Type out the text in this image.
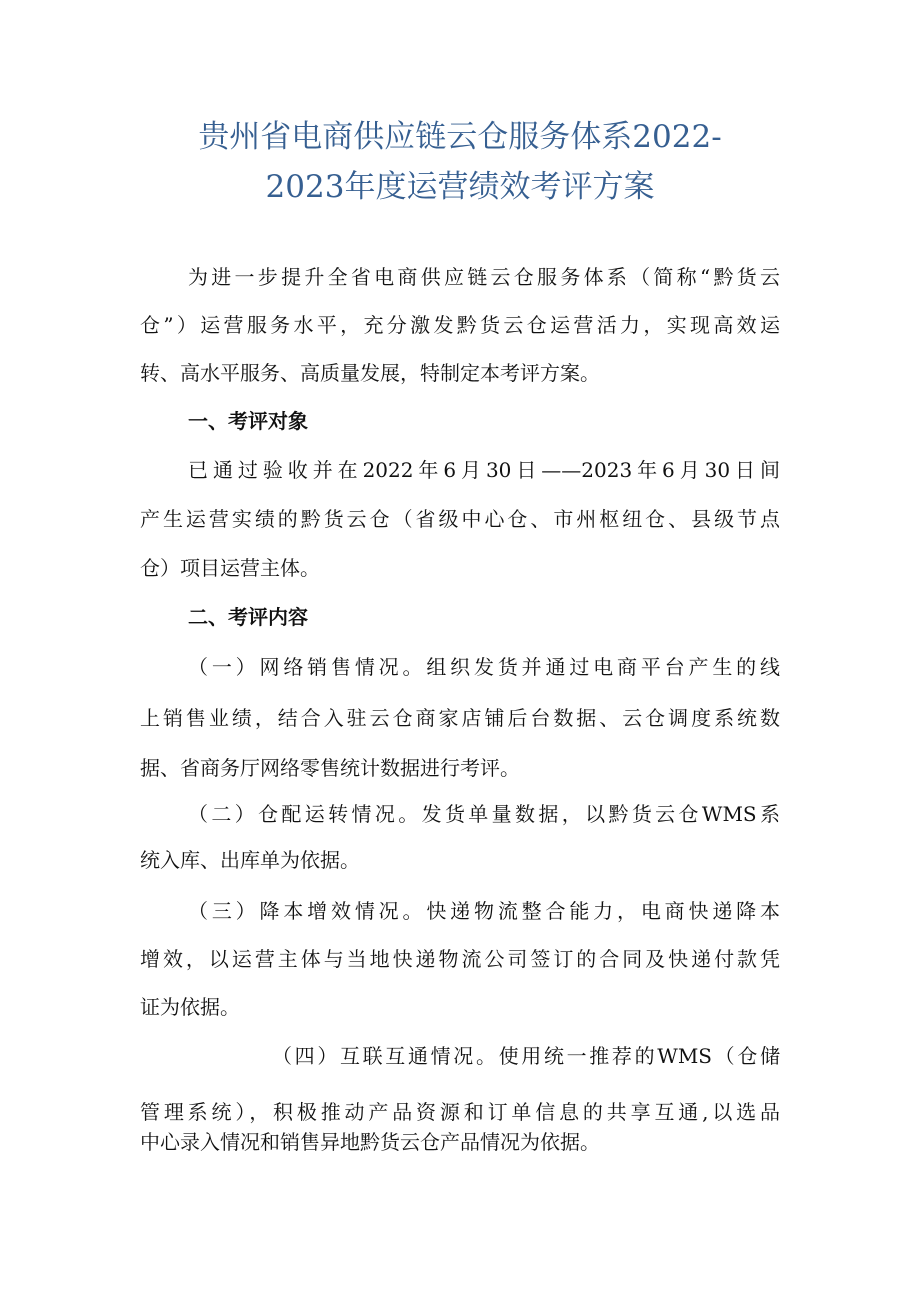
贵州省电商供应链云仓服务体系2022-
2023年度运营绩效考评方案
为进一步提升全省电商供应链云仓服务体系（简称“黔货云
仓”）运营服务水平，充分激发黔货云仓运营活力，实现高效运
转、高水平服务、高质量发展，特制定本考评方案。
一、考评对象
已通过验收并在2022年6月30日——2023年6月30日间
产生运营实绩的黔货云仓（省级中心仓、市州枢纽仓、县级节点
仓）项目运营主体。
二、考评内容
（一）网络销售情况。组织发货并通过电商平台产生的线
上销售业绩，结合入驻云仓商家店铺后台数据、云仓调度系统数
据、省商务厅网络零售统计数据进行考评。
（二）仓配运转情况。发货单量数据，以黔货云仓WMS系
统入库、出库单为依据。
（三）降本增效情况。快递物流整合能力，电商快递降本
增效，以运营主体与当地快递物流公司签订的合同及快递付款凭
证为依据。
（四）互联互通情况。使用统一推荐的WMS（仓储
管理系统），积极推动产品资源和订单信息的共享互通,以选品
中心录入情况和销售异地黔货云仓产品情况为依据。
